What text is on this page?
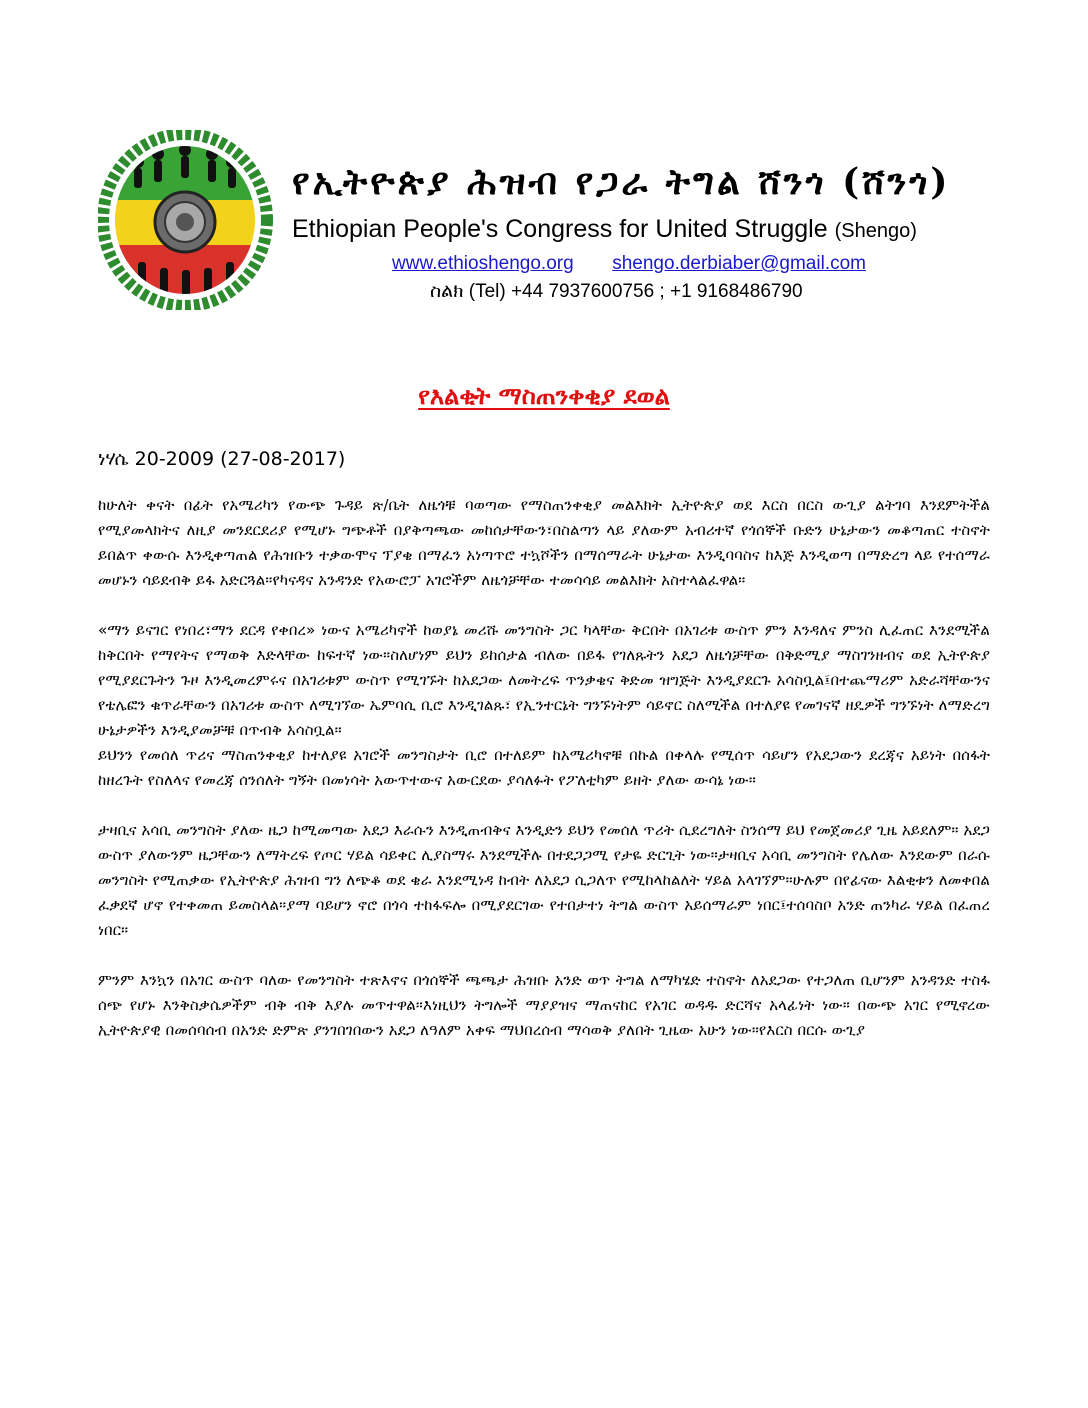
የኢትዮጵያ ሕዝብ የጋራ ትግል ሸንጎ (ሸንጎ)
Ethiopian People's Congress for United Struggle (Shengo)
www.ethioshengo.org shengo.derbiaber@gmail.com
ስልክ (Tel) +44 7937600756 ; +1 9168486790
የእልቂት ማስጠንቀቂያ ደወል
ነሃሴ 20-2009 (27-08-2017)

ከሁለት ቀናት በፊት የአሜሪካን የውጭ ጉዳይ ጽ/ቤት ለዜጎቹ ባወጣው የማስጠንቀቂያ መልእክት ኢትዮጵያ ወደ እርስ በርስ ውጊያ ልትገባ እንደምትችል የሚያመላክትና ለዚያ መንደርደሪያ የሚሆኑ ግጭቶች በያቅጣጫው መከሰታቸውን፣በስልጣን ላይ ያለውም አብሪተኛ የጎሰኞች ቡድን ሁኔታውን መቆጣጠር ተስኖት ይበልጥ ቀውሱ እንዲቀጣጠል የሕዝቡን ተቃውሞና ፕያቄ በማፈን አነጣጥሮ ተኳሾችን በማሰማራት ሁኔታው እንዲባባስና ከእጅ እንዲወጣ በማድረግ ላይ የተሰማራ መሆኑን ሳይደብቅ ይፋ አድርጓል።የካናዳና አንዳንድ የአውሮፓ አገሮችም ለዜጎቻቸው ተመሳሳይ መልእክት አስተላልፈዋል።

«ማን ይናገር የነበረ፣ማን ደርዳ የቀበረ» ነውና አሜሪካኖች ከወያኔ መሪሹ መንግስት ጋር ካላቸው ቅርበት በአገሪቱ ውስጥ ምን እንዳለና ምንስ ሊፈጠር እንደሚችል ከቅርበት የማየትና የማወቅ እድላቸው ከፍተኛ ነው።ስለሆነም ይህን ይከሰታል ብለው በይፋ የገለጹትን አደጋ ለዜጎቻቸው በቅድሚያ ማስገንዘብና ወደ ኢትዮጵያ የሚያደርጉትን ጉዞ እንዲመረምሩና በአገሪቱም ውስጥ የሚገኙት ከአደጋው ለመትረፍ ጥንቃቄና ቅድመ ዝግጅት እንዲያደርጉ አሳስቧል፤በተጨማሪም አድራሻቸውንና የቴሌፎን ቁጥራቸውን በአገሪቱ ውስጥ ለሚገኘው ኤምባሲ ቢሮ እንዲገልጹ፣ የኢንተርኔት ግንኙነትም ሳይኖር ስለሚችል በተለያዩ የመገናኛ ዘዴዎች ግንኙነት ለማድረግ ሁኔታዎችን እንዲያመቻቹ በጥብቅ አሳስቧል።

ይህንን የመሰለ ጥሪና ማስጠንቀቂያ ከተለያዩ አገሮች መንግስታት ቢሮ በተለይም ከአሜሪካኖቹ በኩል በቀላሉ የሚሰጥ ሳይሆን የአደጋውን ደረጃና አይነት በሰፋት ከዘረጉት የስለላና የመረጃ ሰንሰለት ግኝት በመነሳት አውጥተውና አውርደው ያሳለፉት የፖለቲካም ይዘት ያለው ውሳኔ ነው።

ታዛቢና አሳቢ መንግስት ያለው ዜጋ ከሚመጣው አደጋ እራሱን እንዲጠብቅና እንዲድን ይህን የመሰለ ጥሪት ሲደረግለት ስንሰማ ይህ የመጀመሪያ ጊዜ አይደለም። አደጋ ውስጥ ያለውንም ዜጋቸውን ለማትረፍ የጦር ሃይል ሳይቀር ሊያስማሩ እንደሚችሉ በተደጋጋሚ የታዬ ድርጊት ነው።ታዛቢና አሳቢ መንግስት የሌለው እንደውም በራሱ መንግስት የሚጠቃው የኢትዮጵያ ሕዝብ ግን ለጭቆ ወደ ቄራ እንደሚነዳ ከብት ለአደጋ ሲጋለጥ የሚከላከልለት ሃይል አላገኘም።ሁሉም በየፊናው እልቂቱን ለመቀበል ፈቃደኛ ሆኖ የተቀመጠ ይመስላል።ያማ ባይሆን ኖሮ በጎሳ ተከፋፍሎ በሚያደርገው የተበታተነ ትግል ውስጥ አይሰማራም ነበር፤ተሰባስቦ አንድ ጠንካራ ሃይል በፈጠረ ነበር።

ምንም እንኳን በአገር ውስጥ ባለው የመንግስት ተጽእኖና በጎሰኞች ጫጫታ ሕዝቡ አንድ ወጥ ትግል ለማካሄድ ተስኖት ለአደጋው የተጋለጠ ቢሆንም አንዳንድ ተስፋ ሰጭ የሆኑ እንቅስቃሴዎችም ብቅ ብቅ እያሉ መጥተዋል።እነዚህን ትግሎች ማያያዝና ማጠናከር የአገር ወዳዱ ድርሻና አላፊነት ነው። በውጭ አገር የሚኖረው ኢትዮጵያዊ በመሰባሰብ በአንድ ድምጽ ያንገበገበውን አደጋ ለዓለም አቀፍ ማህበረሰብ ማሳወቅ ያለበት ጊዜው አሁን ነው።የእርስ በርሱ ውጊያ
